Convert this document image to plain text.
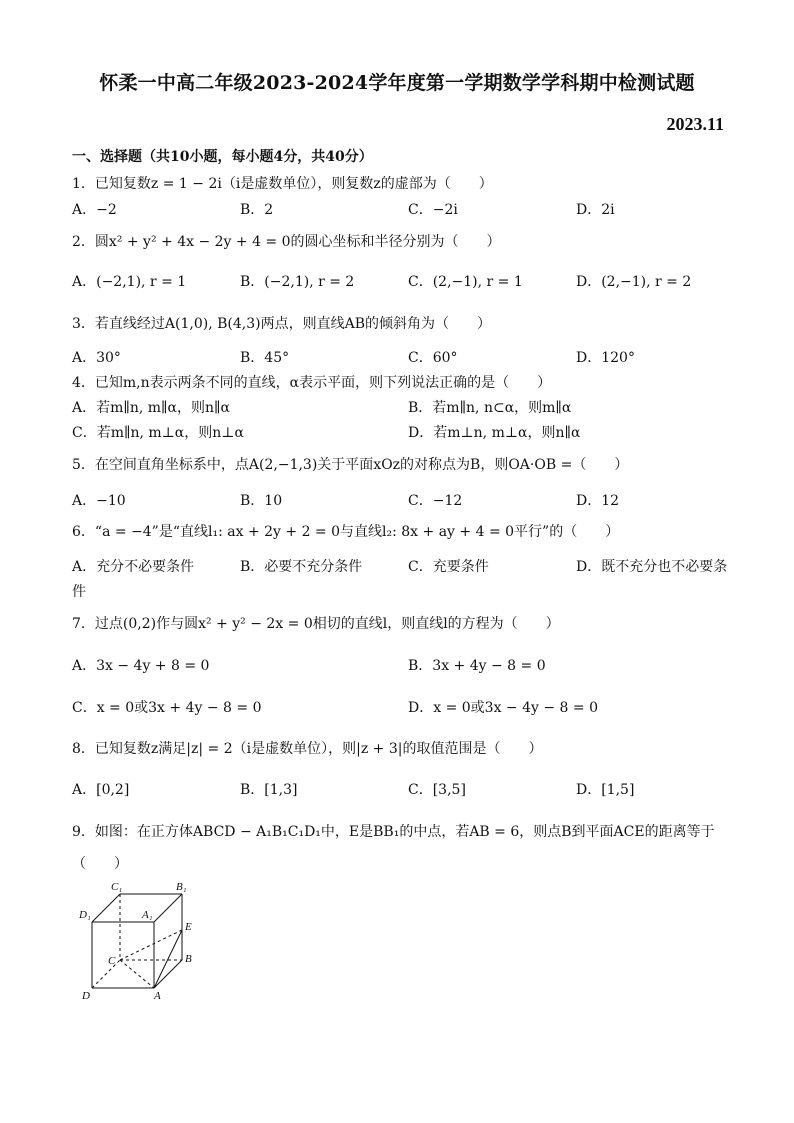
怀柔一中高二年级2023-2024学年度第一学期数学学科期中检测试题
2023.11
一、选择题（共10小题，每小题4分，共40分）
1．已知复数z = 1 − 2i（i是虚数单位），则复数z的虚部为（　　）
A．−2	B．2	C．−2i	D．2i
2．圆x² + y² + 4x − 2y + 4 = 0的圆心坐标和半径分别为（　　）
A．(−2,1), r = 1	B．(−2,1), r = 2	C．(2,−1), r = 1	D．(2,−1), r = 2
3．若直线经过A(1,0), B(4,3)两点，则直线AB的倾斜角为（　　）
A．30°	B．45°	C．60°	D．120°
4．已知m,n表示两条不同的直线，α表示平面，则下列说法正确的是（　　）
A．若m∥n, m∥α，则n∥α	B．若m∥n, n⊂α，则m∥α
C．若m∥n, m⊥α，则n⊥α	D．若m⊥n, m⊥α，则n∥α
5．在空间直角坐标系中，点A(2,−1,3)关于平面xOz的对称点为B，则OA·OB =（　　）
A．−10	B．10	C．−12	D．12
6．“a = −4”是“直线l₁: ax + 2y + 2 = 0与直线l₂: 8x + ay + 4 = 0平行”的（　　）
A．充分不必要条件	B．必要不充分条件	C．充要条件	D．既不充分也不必要条
件
7．过点(0,2)作与圆x² + y² − 2x = 0相切的直线l，则直线l的方程为（　　）
A．3x − 4y + 8 = 0	B．3x + 4y − 8 = 0
C．x = 0或3x + 4y − 8 = 0	D．x = 0或3x − 4y − 8 = 0
8．已知复数z满足|z| = 2（i是虚数单位），则|z + 3|的取值范围是（　　）
A．[0,2]	B．[1,3]	C．[3,5]	D．[1,5]
9．如图：在正方体ABCD − A₁B₁C₁D₁中，E是BB₁的中点，若AB = 6，则点B到平面ACE的距离等于
（　　）
C₁	B₁
D₁	A₁
E
C	B
D	A
